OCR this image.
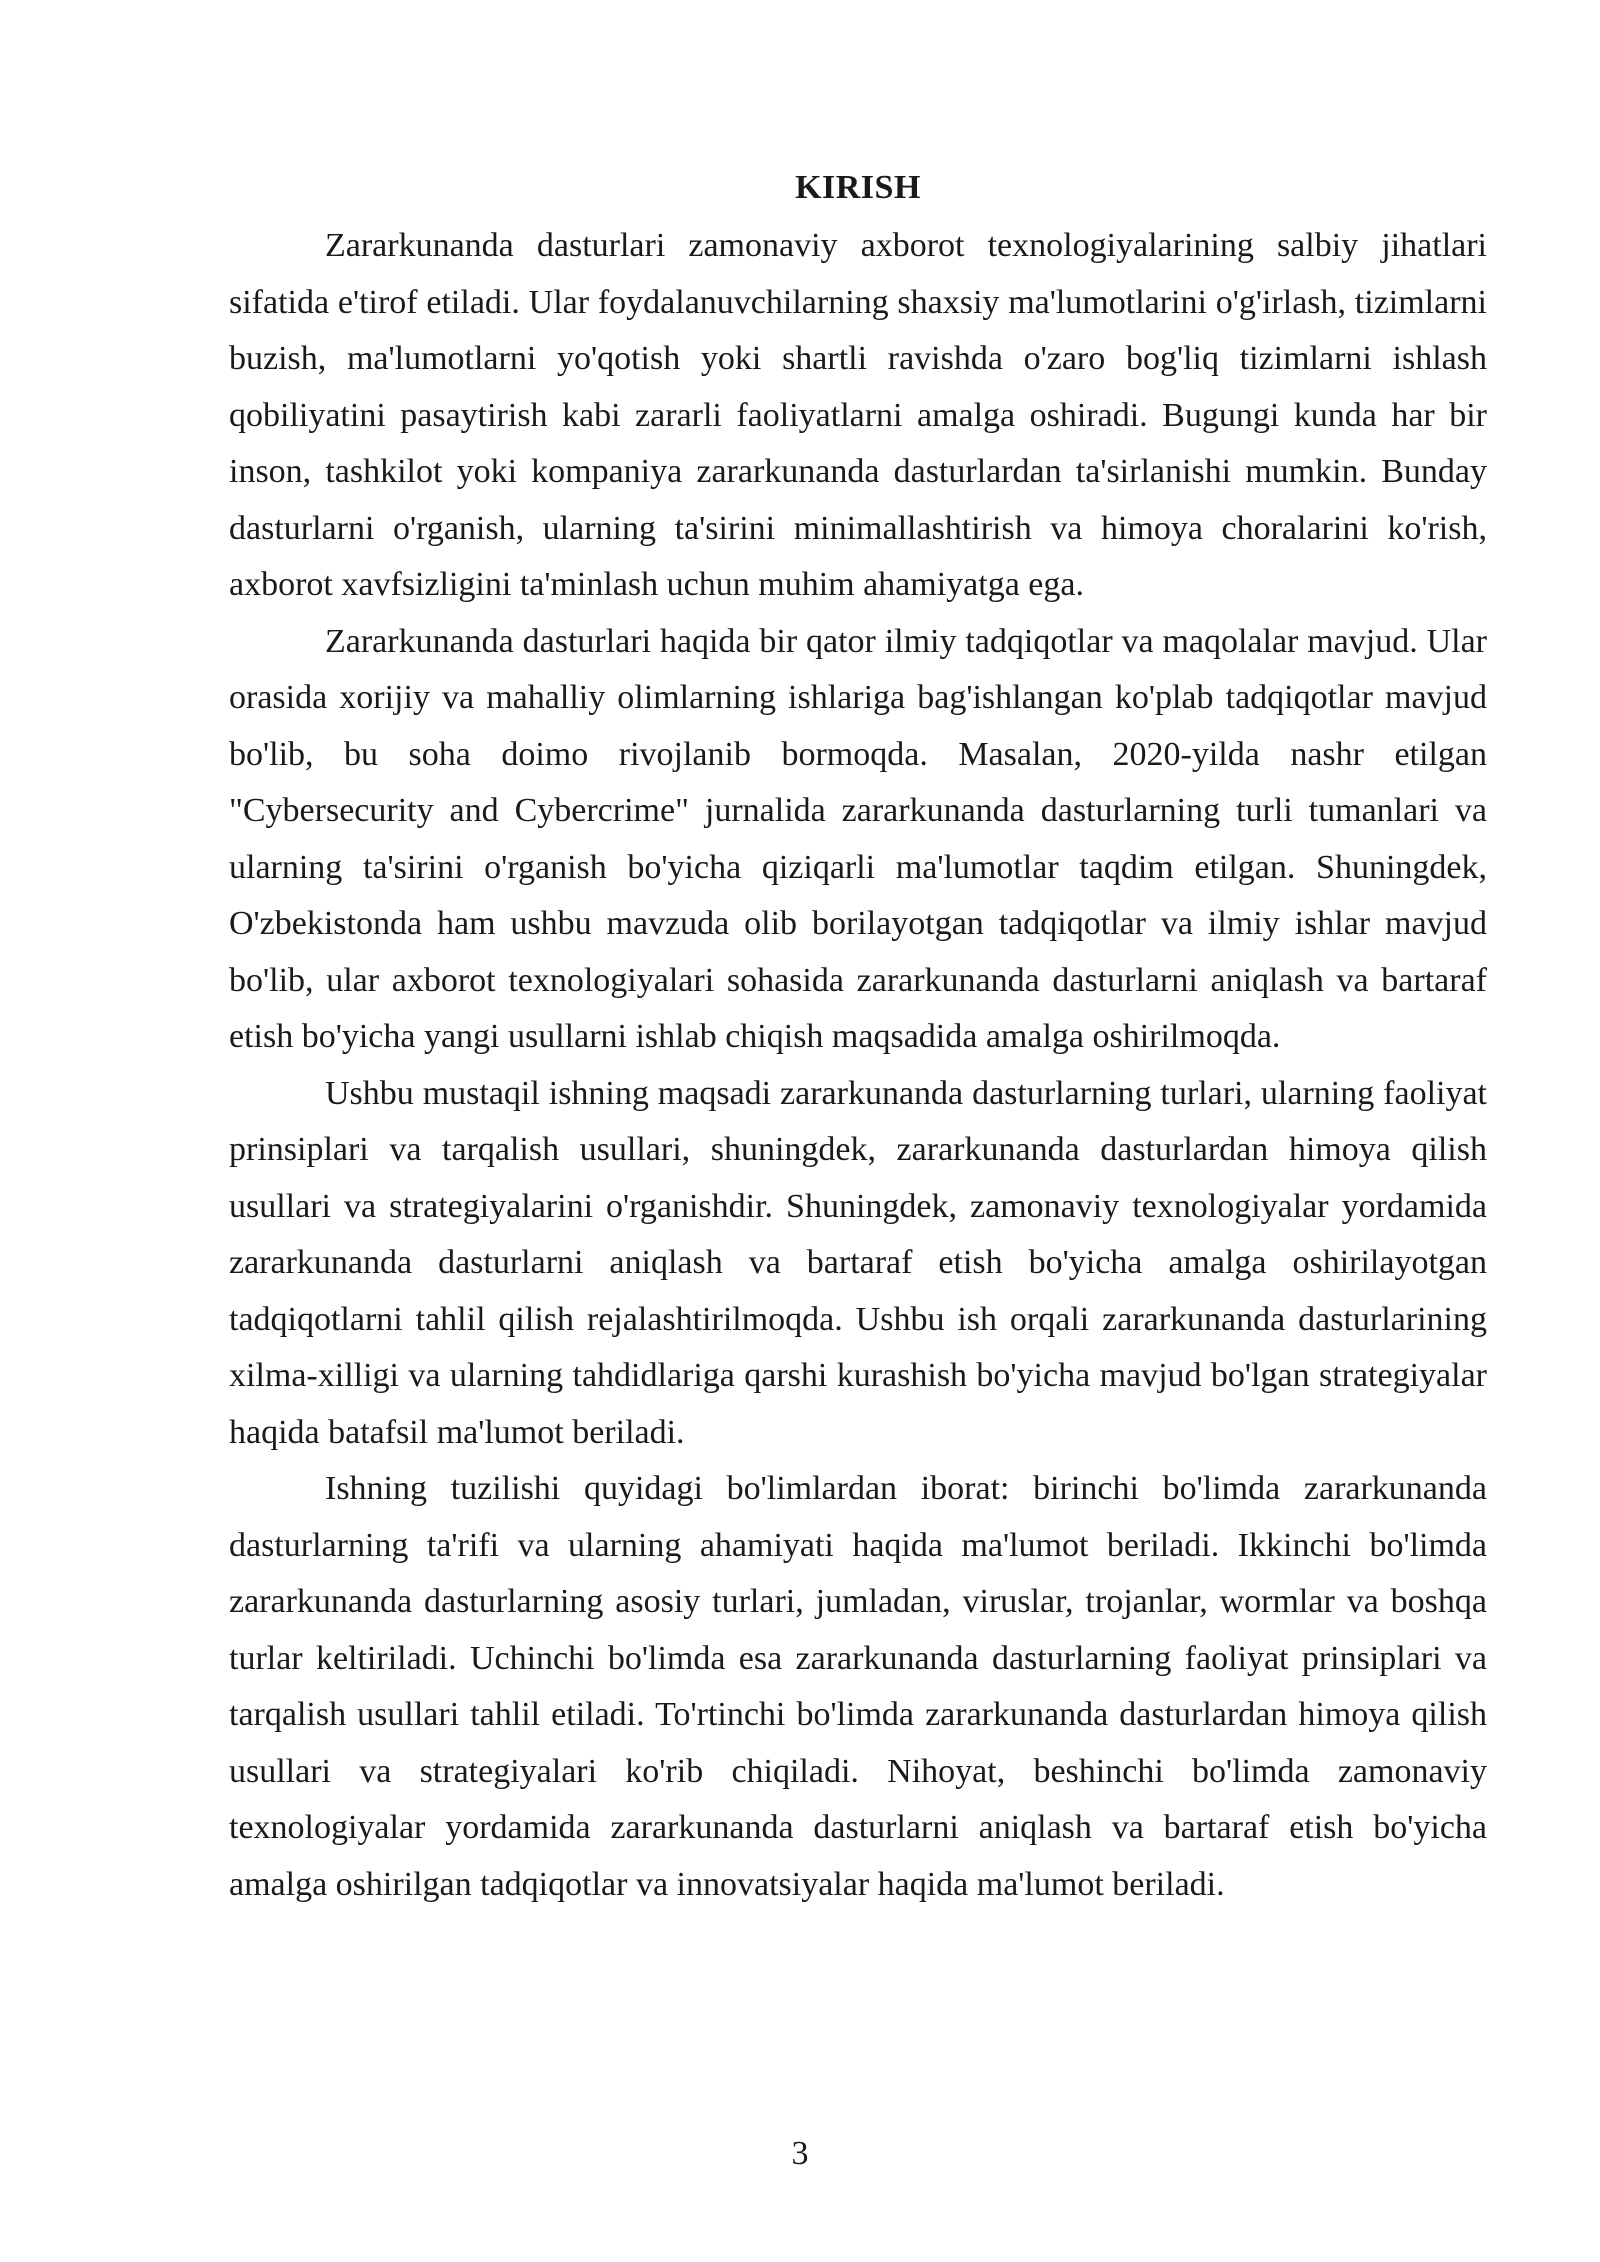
KIRISH

Zararkunanda dasturlari zamonaviy axborot texnologiyalarining salbiy jihatlari sifatida e'tirof etiladi. Ular foydalanuvchilarning shaxsiy ma'lumotlarini o'g'irlash, tizimlarni buzish, ma'lumotlarni yo'qotish yoki shartli ravishda o'zaro bog'liq tizimlarni ishlash qobiliyatini pasaytirish kabi zararli faoliyatlarni amalga oshiradi. Bugungi kunda har bir inson, tashkilot yoki kompaniya zararkunanda dasturlardan ta'sirlanishi mumkin. Bunday dasturlarni o'rganish, ularning ta'sirini minimallashtirish va himoya choralarini ko'rish, axborot xavfsizligini ta'minlash uchun muhim ahamiyatga ega.

Zararkunanda dasturlari haqida bir qator ilmiy tadqiqotlar va maqolalar mavjud. Ular orasida xorijiy va mahalliy olimlarning ishlariga bag'ishlangan ko'plab tadqiqotlar mavjud bo'lib, bu soha doimo rivojlanib bormoqda. Masalan, 2020-yilda nashr etilgan "Cybersecurity and Cybercrime" jurnalida zararkunanda dasturlarning turli tumanlari va ularning ta'sirini o'rganish bo'yicha qiziqarli ma'lumotlar taqdim etilgan. Shuningdek, O'zbekistonda ham ushbu mavzuda olib borilayotgan tadqiqotlar va ilmiy ishlar mavjud bo'lib, ular axborot texnologiyalari sohasida zararkunanda dasturlarni aniqlash va bartaraf etish bo'yicha yangi usullarni ishlab chiqish maqsadida amalga oshirilmoqda.

Ushbu mustaqil ishning maqsadi zararkunanda dasturlarning turlari, ularning faoliyat prinsiplari va tarqalish usullari, shuningdek, zararkunanda dasturlardan himoya qilish usullari va strategiyalarini o'rganishdir. Shuningdek, zamonaviy texnologiyalar yordamida zararkunanda dasturlarni aniqlash va bartaraf etish bo'yicha amalga oshirilayotgan tadqiqotlarni tahlil qilish rejalashtirilmoqda. Ushbu ish orqali zararkunanda dasturlarining xilma-xilligi va ularning tahdidlariga qarshi kurashish bo'yicha mavjud bo'lgan strategiyalar haqida batafsil ma'lumot beriladi.

Ishning tuzilishi quyidagi bo'limlardan iborat: birinchi bo'limda zararkunanda dasturlarning ta'rifi va ularning ahamiyati haqida ma'lumot beriladi. Ikkinchi bo'limda zararkunanda dasturlarning asosiy turlari, jumladan, viruslar, trojanlar, wormlar va boshqa turlar keltiriladi. Uchinchi bo'limda esa zararkunanda dasturlarning faoliyat prinsiplari va tarqalish usullari tahlil etiladi. To'rtinchi bo'limda zararkunanda dasturlardan himoya qilish usullari va strategiyalari ko'rib chiqiladi. Nihoyat, beshinchi bo'limda zamonaviy texnologiyalar yordamida zararkunanda dasturlarni aniqlash va bartaraf etish bo'yicha amalga oshirilgan tadqiqotlar va innovatsiyalar haqida ma'lumot beriladi.

3
